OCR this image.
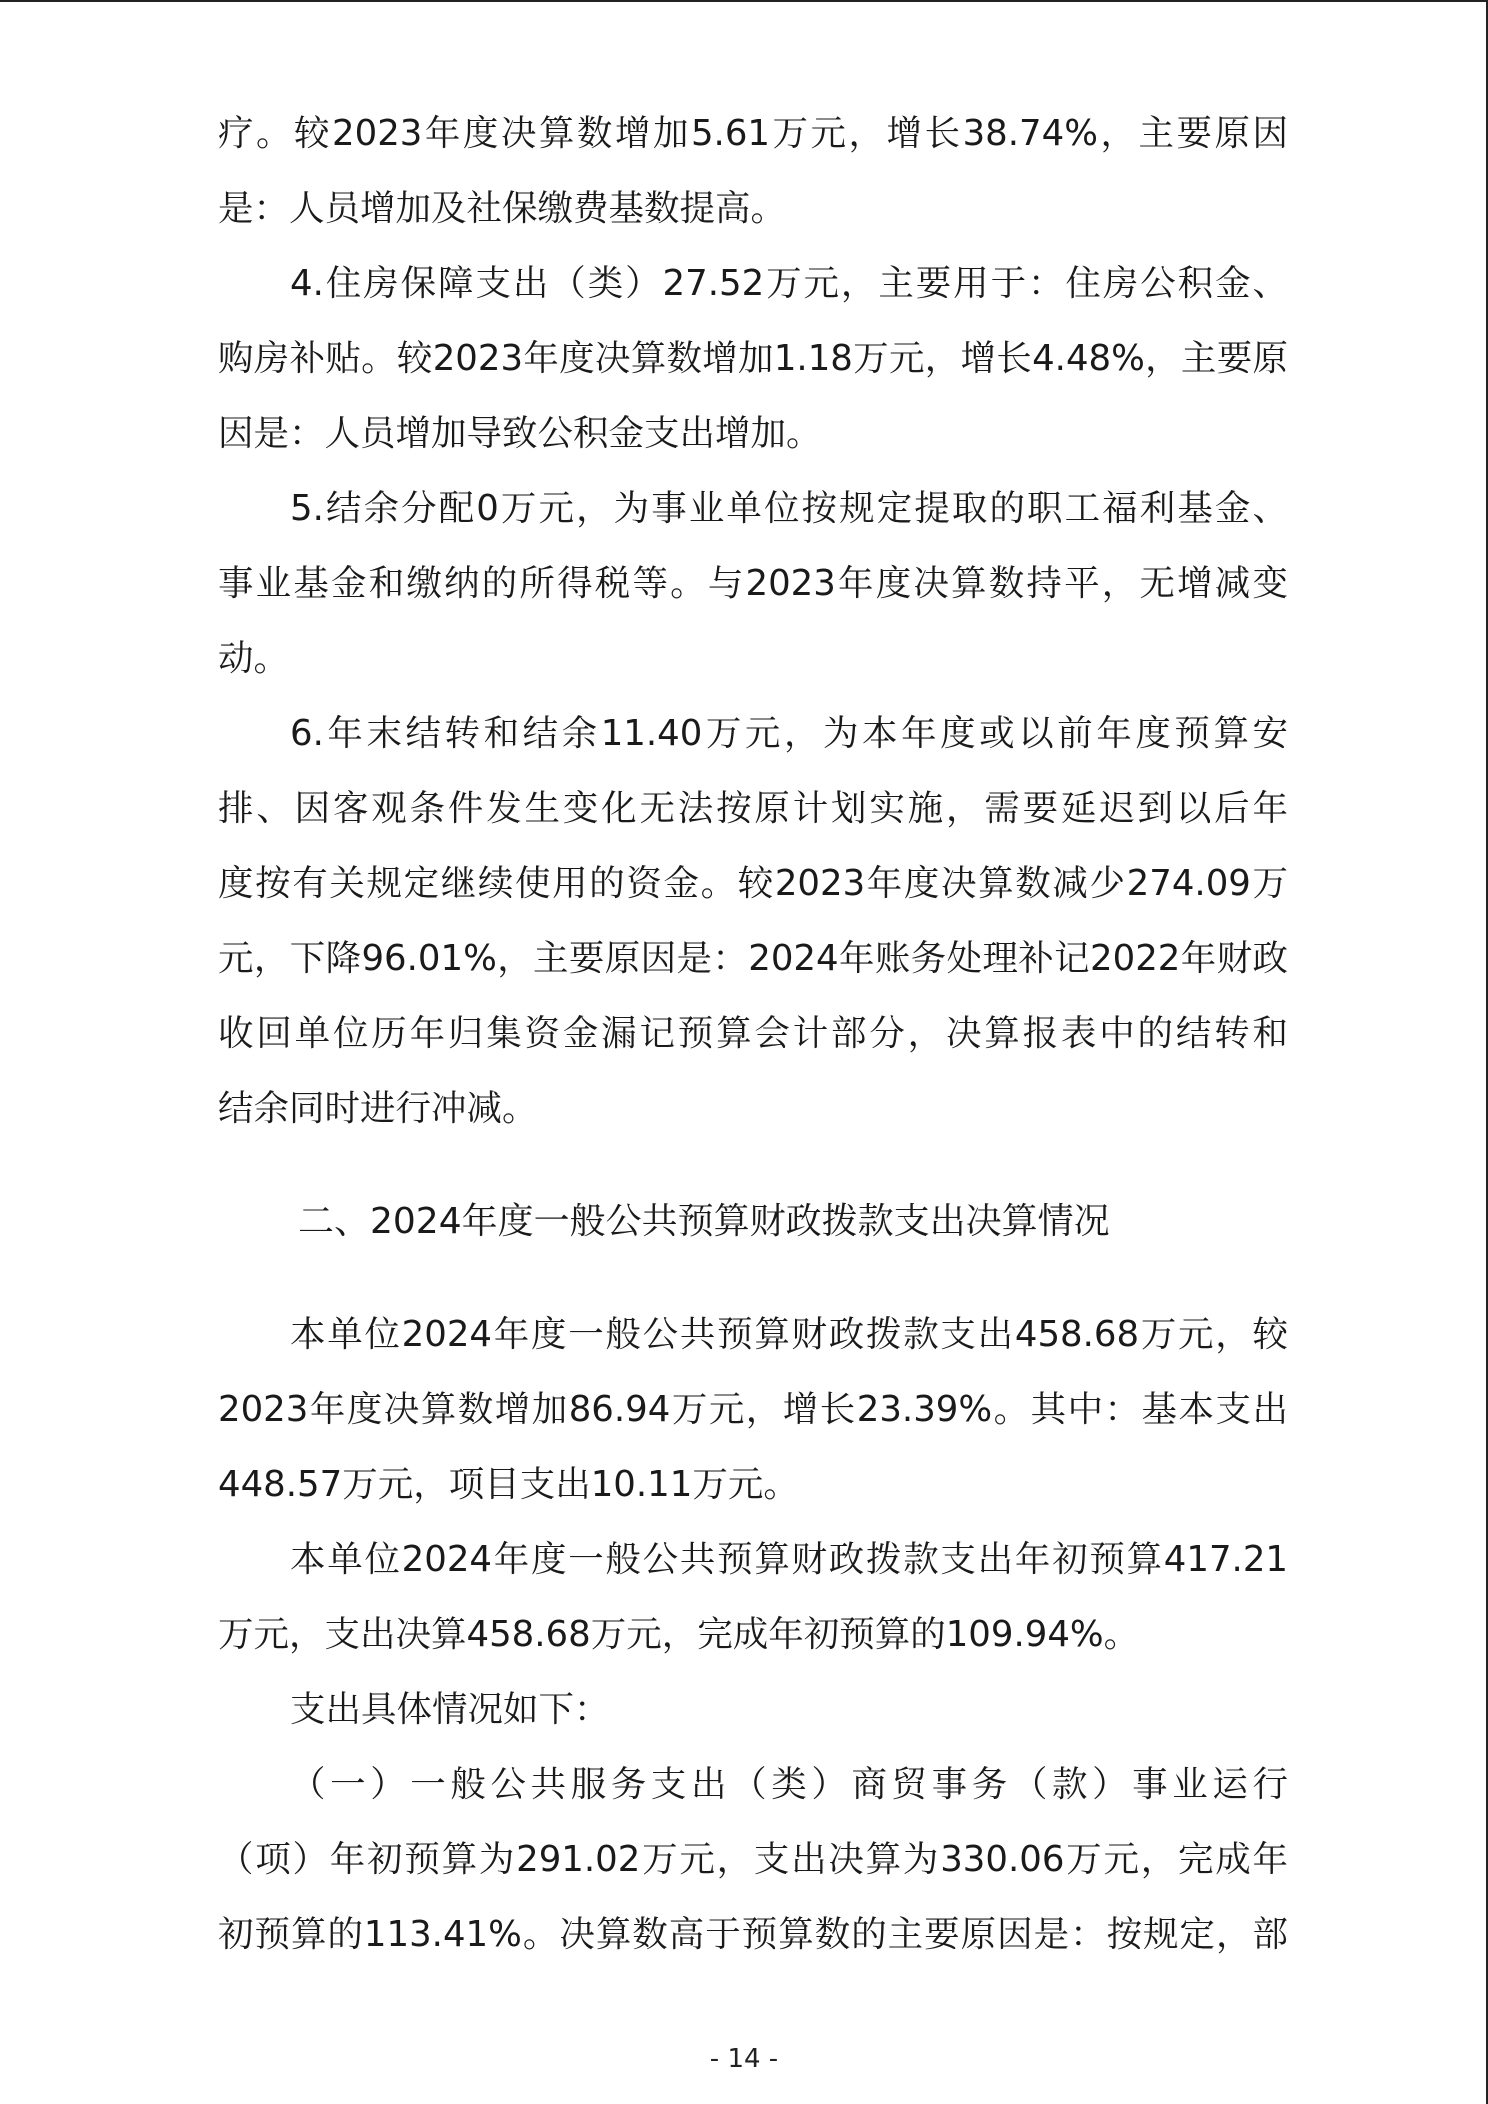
疗。较2023年度决算数增加5.61万元，增长38.74%，主要原因
是：人员增加及社保缴费基数提高。
4.住房保障支出（类）27.52万元，主要用于：住房公积金、
购房补贴。较2023年度决算数增加1.18万元，增长4.48%，主要原
因是：人员增加导致公积金支出增加。
5.结余分配0万元，为事业单位按规定提取的职工福利基金、
事业基金和缴纳的所得税等。与2023年度决算数持平，无增减变
动。
6.年末结转和结余11.40万元，为本年度或以前年度预算安
排、因客观条件发生变化无法按原计划实施，需要延迟到以后年
度按有关规定继续使用的资金。较2023年度决算数减少274.09万
元，下降96.01%，主要原因是：2024年账务处理补记2022年财政
收回单位历年归集资金漏记预算会计部分，决算报表中的结转和
结余同时进行冲减。
二、2024年度一般公共预算财政拨款支出决算情况
本单位2024年度一般公共预算财政拨款支出458.68万元，较
2023年度决算数增加86.94万元，增长23.39%。其中：基本支出
448.57万元，项目支出10.11万元。
本单位2024年度一般公共预算财政拨款支出年初预算417.21
万元，支出决算458.68万元，完成年初预算的109.94%。
支出具体情况如下：
（一）一般公共服务支出（类）商贸事务（款）事业运行
（项）年初预算为291.02万元，支出决算为330.06万元，完成年
初预算的113.41%。决算数高于预算数的主要原因是：按规定，部
- 14 -
